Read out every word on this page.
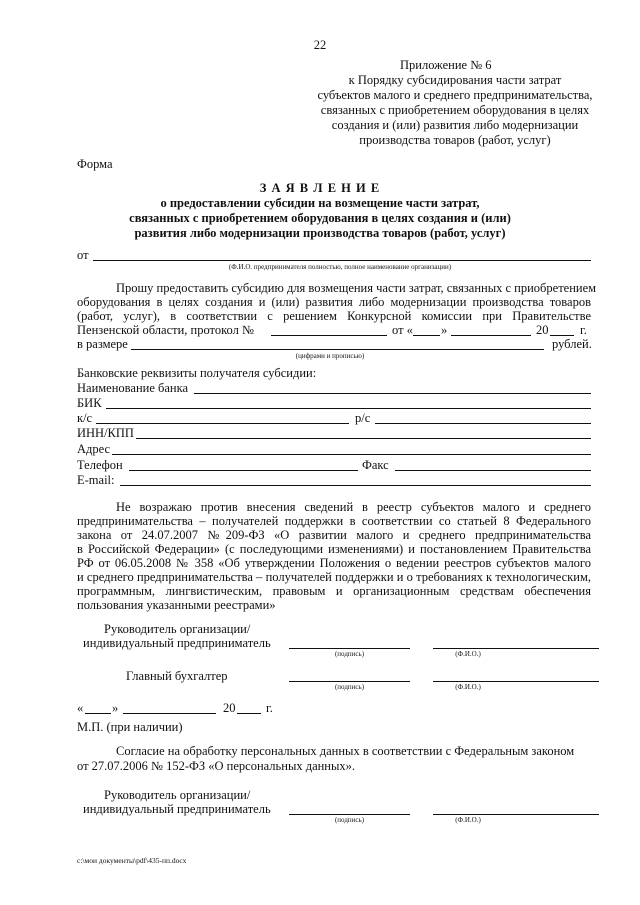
22
Приложение № 6
к Порядку субсидирования части затрат
субъектов малого и среднего предпринимательства,
связанных с приобретением оборудования в целях
создания и (или) развития либо модернизации
производства товаров (работ, услуг)
Форма
З А Я В Л Е Н И Е
о предоставлении субсидии на возмещение части затрат,
связанных с приобретением оборудования в целях создания и (или)
развития либо модернизации производства товаров (работ, услуг)
от
(Ф.И.О. предпринимателя полностью, полное наименование организации)
Прошу предоставить субсидию для возмещения части затрат, связанных с приобретением
оборудования в целях создания и (или) развития либо модернизации производства товаров
(работ, услуг), в соответствии с решением Конкурсной комиссии при Правительстве
Пензенской области, протокол №	от « »	20	г.
в размере	рублей.
(цифрами и прописью)
Банковские реквизиты получателя субсидии:
Наименование банка
БИК
к/с	р/с
ИНН/КПП
Адрес
Телефон	Факс
E-mail:
Не возражаю против внесения сведений в реестр субъектов малого и среднего
предпринимательства – получателей поддержки в соответствии со статьей 8 Федерального
закона от 24.07.2007 №209-ФЗ «О развитии малого и среднего предпринимательства
в Российской Федерации» (с последующими изменениями) и постановлением Правительства
РФ от 06.05.2008 № 358 «Об утверждении Положения о ведении реестров субъектов малого
и среднего предпринимательства – получателей поддержки и о требованиях к технологическим,
программным, лингвистическим, правовым и организационным средствам обеспечения
пользования указанными реестрами»
Руководитель организации/
индивидуальный предприниматель
(подпись)	(Ф.И.О.)
Главный бухгалтер
(подпись)	(Ф.И.О.)
« »	20 г.
М.П. (при наличии)
Согласие на обработку персональных данных в соответствии с Федеральным законом
от 27.07.2006 № 152-ФЗ «О персональных данных».
Руководитель организации/
индивидуальный предприниматель
(подпись)	(Ф.И.О.)
c:\мои документы\pdf\435-пп.docx
